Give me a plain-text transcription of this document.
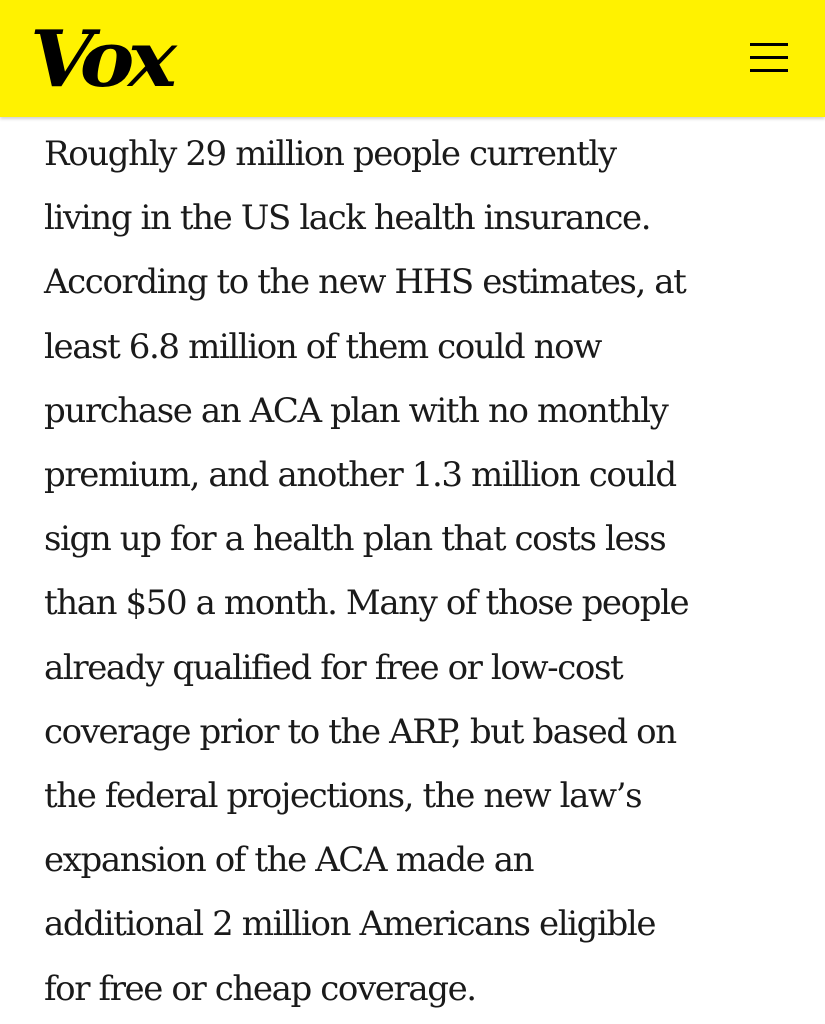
Vox

Roughly 29 million people currently
living in the US lack health insurance.
According to the new HHS estimates, at
least 6.8 million of them could now
purchase an ACA plan with no monthly
premium, and another 1.3 million could
sign up for a health plan that costs less
than $50 a month. Many of those people
already qualified for free or low-cost
coverage prior to the ARP, but based on
the federal projections, the new law’s
expansion of the ACA made an
additional 2 million Americans eligible
for free or cheap coverage.
